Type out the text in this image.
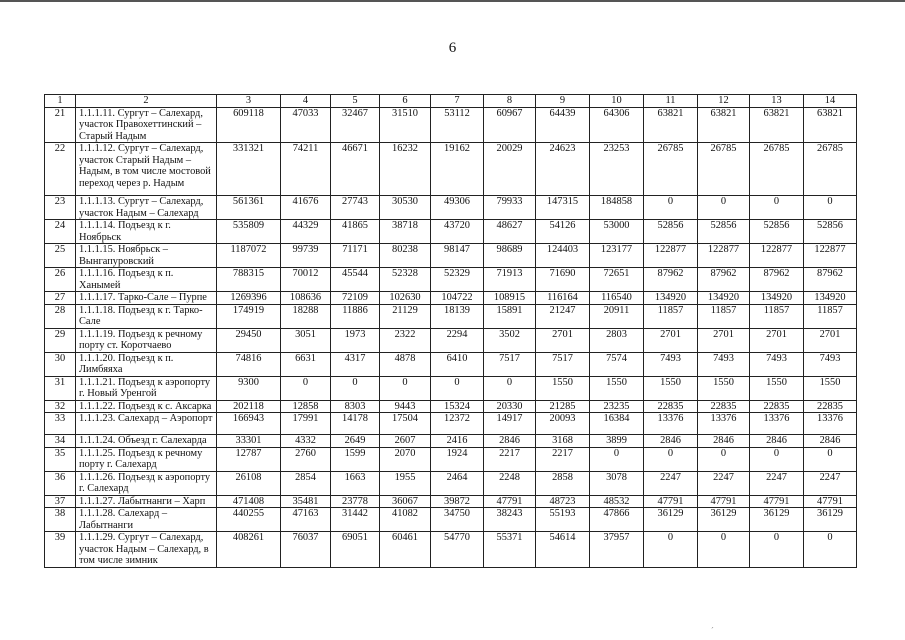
6
1	2	3	4	5	6	7	8	9	10	11	12	13	14
21	1.1.1.11. Сургут – Салехард, участок Правохеттинский – Старый Надым	609118	47033	32467	31510	53112	60967	64439	64306	63821	63821	63821	63821
22	1.1.1.12. Сургут – Салехард, участок Старый Надым – Надым, в том числе мостовой переход через р. Надым	331321	74211	46671	16232	19162	20029	24623	23253	26785	26785	26785	26785
23	1.1.1.13. Сургут – Салехард, участок Надым – Салехард	561361	41676	27743	30530	49306	79933	147315	184858	0	0	0	0
24	1.1.1.14. Подъезд к г. Ноябрьск	535809	44329	41865	38718	43720	48627	54126	53000	52856	52856	52856	52856
25	1.1.1.15. Ноябрьск – Вынгапуровский	1187072	99739	71171	80238	98147	98689	124403	123177	122877	122877	122877	122877
26	1.1.1.16. Подъезд к п. Ханымей	788315	70012	45544	52328	52329	71913	71690	72651	87962	87962	87962	87962
27	1.1.1.17. Тарко-Сале – Пурпе	1269396	108636	72109	102630	104722	108915	116164	116540	134920	134920	134920	134920
28	1.1.1.18. Подъезд к г. Тарко-Сале	174919	18288	11886	21129	18139	15891	21247	20911	11857	11857	11857	11857
29	1.1.1.19. Подъезд к речному порту ст. Коротчаево	29450	3051	1973	2322	2294	3502	2701	2803	2701	2701	2701	2701
30	1.1.1.20. Подъезд к п. Лимбяяха	74816	6631	4317	4878	6410	7517	7517	7574	7493	7493	7493	7493
31	1.1.1.21. Подъезд к аэропорту г. Новый Уренгой	9300	0	0	0	0	0	1550	1550	1550	1550	1550	1550
32	1.1.1.22. Подъезд к с. Аксарка	202118	12858	8303	9443	15324	20330	21285	23235	22835	22835	22835	22835
33	1.1.1.23. Салехард – Аэропорт	166943	17991	14178	17504	12372	14917	20093	16384	13376	13376	13376	13376
34	1.1.1.24. Объезд г. Салехарда	33301	4332	2649	2607	2416	2846	3168	3899	2846	2846	2846	2846
35	1.1.1.25. Подъезд к речному порту г. Салехард	12787	2760	1599	2070	1924	2217	2217	0	0	0	0	0
36	1.1.1.26. Подъезд к аэропорту г. Салехард	26108	2854	1663	1955	2464	2248	2858	3078	2247	2247	2247	2247
37	1.1.1.27. Лабытнанги – Харп	471408	35481	23778	36067	39872	47791	48723	48532	47791	47791	47791	47791
38	1.1.1.28. Салехард – Лабытнанги	440255	47163	31442	41082	34750	38243	55193	47866	36129	36129	36129	36129
39	1.1.1.29. Сургут – Салехард, участок Надым – Салехард, в том числе зимник	408261	76037	69051	60461	54770	55371	54614	37957	0	0	0	0
´
